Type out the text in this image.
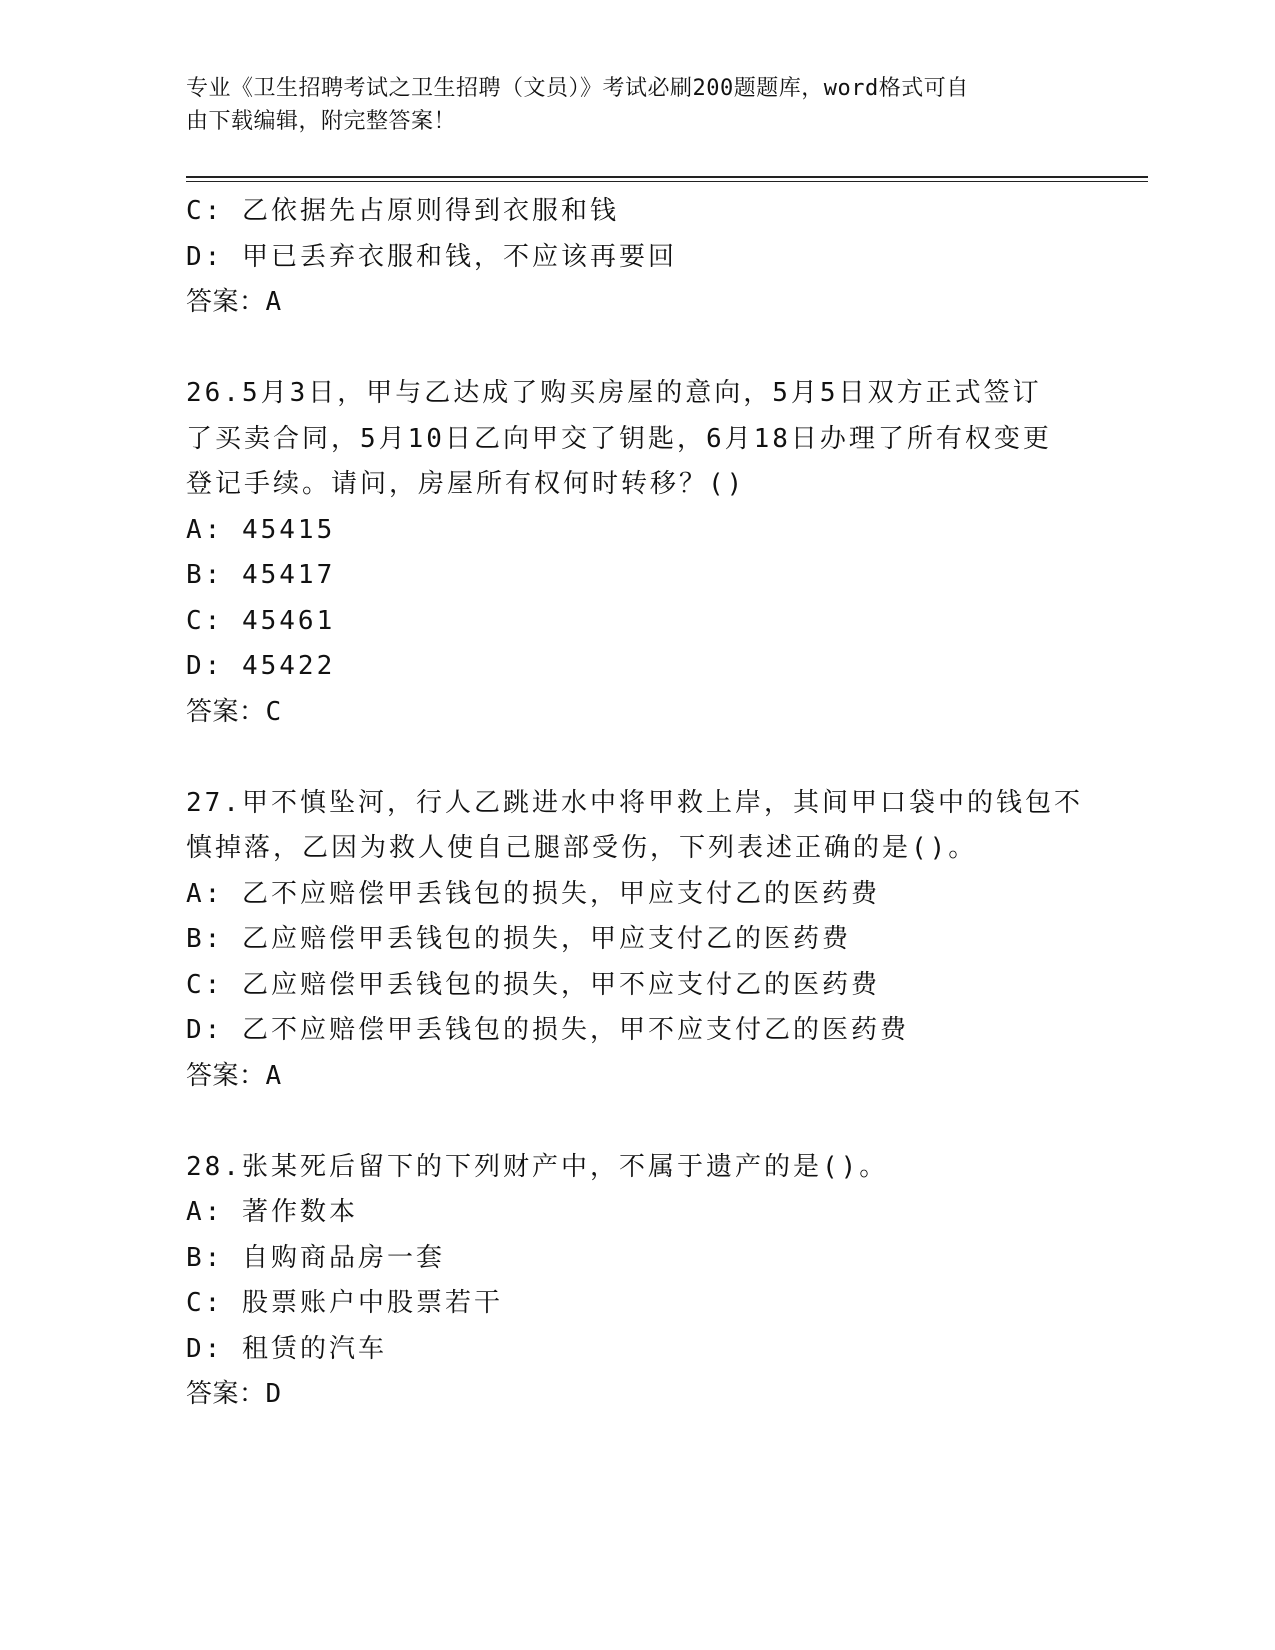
专业《卫生招聘考试之卫生招聘（文员）》考试必刷200题题库，word格式可自
由下载编辑，附完整答案！
C: 乙依据先占原则得到衣服和钱
D: 甲已丢弃衣服和钱，不应该再要回
答案：A
26.5月3日，甲与乙达成了购买房屋的意向，5月5日双方正式签订
了买卖合同，5月10日乙向甲交了钥匙，6月18日办理了所有权变更
登记手续。请问，房屋所有权何时转移？()
A: 45415
B: 45417
C: 45461
D: 45422
答案：C
27.甲不慎坠河，行人乙跳进水中将甲救上岸，其间甲口袋中的钱包不
慎掉落，乙因为救人使自己腿部受伤，下列表述正确的是()。
A: 乙不应赔偿甲丢钱包的损失，甲应支付乙的医药费
B: 乙应赔偿甲丢钱包的损失，甲应支付乙的医药费
C: 乙应赔偿甲丢钱包的损失，甲不应支付乙的医药费
D: 乙不应赔偿甲丢钱包的损失，甲不应支付乙的医药费
答案：A
28.张某死后留下的下列财产中，不属于遗产的是()。
A: 著作数本
B: 自购商品房一套
C: 股票账户中股票若干
D: 租赁的汽车
答案：D
